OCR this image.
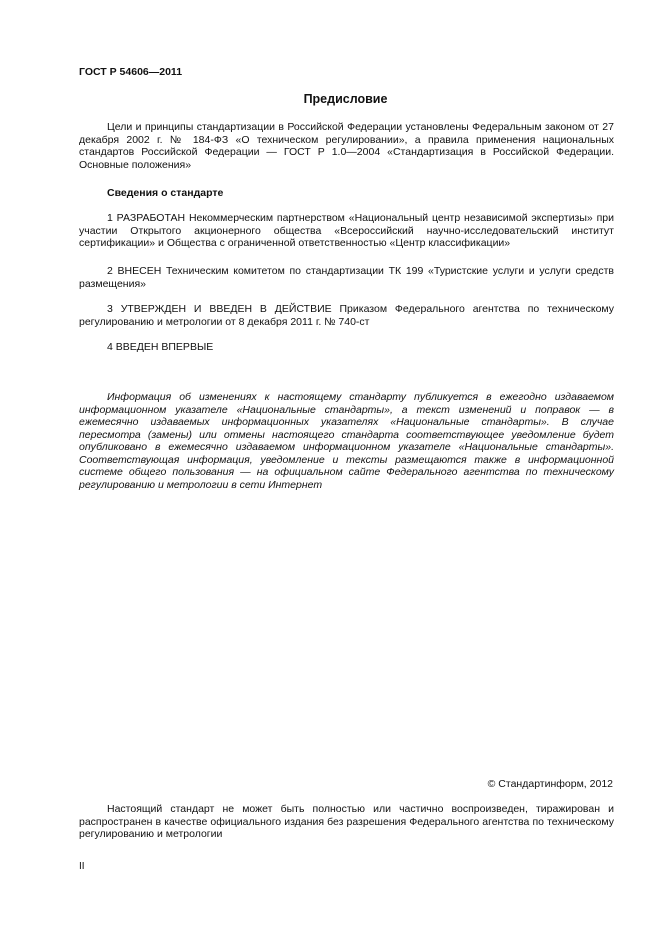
ГОСТ Р 54606—2011
Предисловие
Цели и принципы стандартизации в Российской Федерации установлены Федеральным законом от 27 декабря 2002 г. № 184-ФЗ «О техническом регулировании», а правила применения национальных стандартов Российской Федерации — ГОСТ Р 1.0—2004 «Стандартизация в Российской Федерации. Основные положения»
Сведения о стандарте
1 РАЗРАБОТАН Некоммерческим партнерством «Национальный центр независимой экспертизы» при участии Открытого акционерного общества «Всероссийский научно-исследовательский институт сертификации» и Общества с ограниченной ответственностью «Центр классификации»
2 ВНЕСЕН Техническим комитетом по стандартизации ТК 199 «Туристские услуги и услуги средств размещения»
3 УТВЕРЖДЕН И ВВЕДЕН В ДЕЙСТВИЕ Приказом Федерального агентства по техническому регулированию и метрологии от 8 декабря 2011 г. № 740-ст
4 ВВЕДЕН ВПЕРВЫЕ
Информация об изменениях к настоящему стандарту публикуется в ежегодно издаваемом информационном указателе «Национальные стандарты», а текст изменений и поправок — в ежемесячно издаваемых информационных указателях «Национальные стандарты». В случае пересмотра (замены) или отмены настоящего стандарта соответствующее уведомление будет опубликовано в ежемесячно издаваемом информационном указателе «Национальные стандарты». Соответствующая информация, уведомление и тексты размещаются также в информационной системе общего пользования — на официальном сайте Федерального агентства по техническому регулированию и метрологии в сети Интернет
© Стандартинформ, 2012
Настоящий стандарт не может быть полностью или частично воспроизведен, тиражирован и распространен в качестве официального издания без разрешения Федерального агентства по техническому регулированию и метрологии
II
